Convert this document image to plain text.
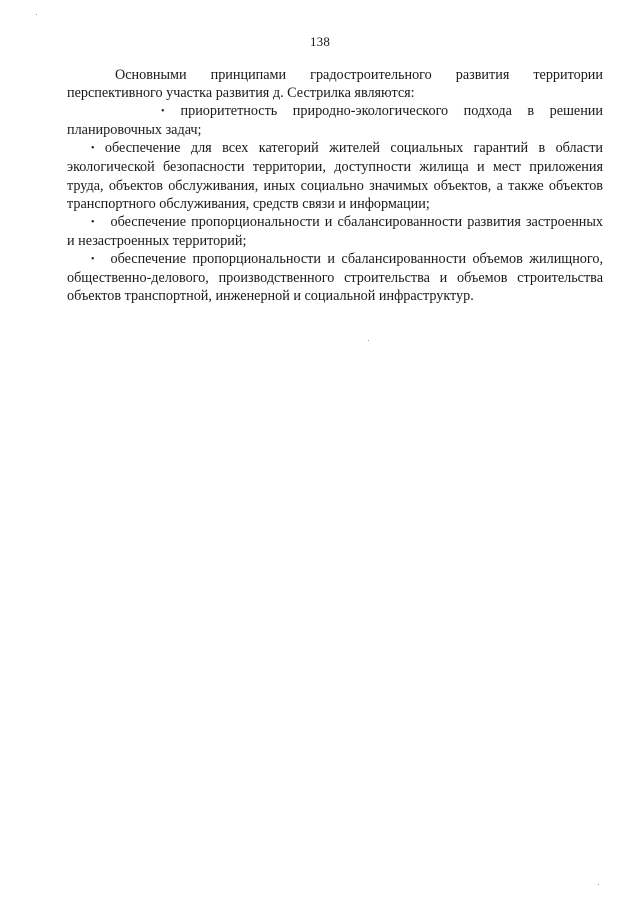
138

Основными принципами градостроительного развития территории перспективного участка развития д. Сестрилка являются:

• приоритетность природно-экологического подхода в решении планировочных задач;

• обеспечение для всех категорий жителей социальных гарантий в области экологической безопасности территории, доступности жилища и мест приложения труда, объектов обслуживания, иных социально значимых объектов, а также объектов транспортного обслуживания, средств связи и информации;

• обеспечение пропорциональности и сбалансированности развития застроенных и незастроенных территорий;

• обеспечение пропорциональности и сбалансированности объемов жилищного, общественно-делового, производственного строительства и объемов строительства объектов транспортной, инженерной и социальной инфраструктур.
